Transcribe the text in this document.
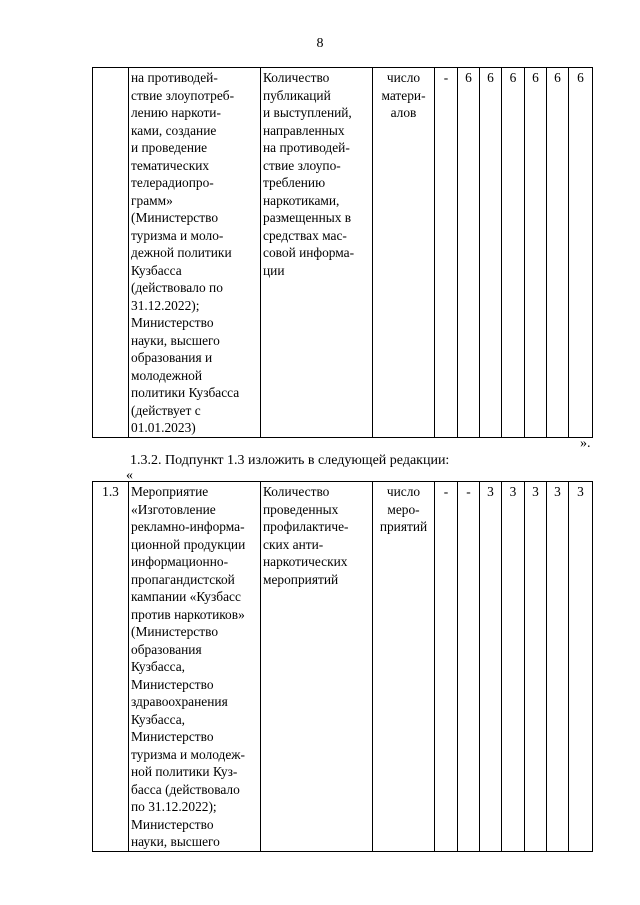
8
	на противодей-
ствие злоупотреб-
лению наркоти-
ками, создание
и проведение
тематических
телерадиопро-
грамм»
(Министерство
туризма и моло-
дежной политики
Кузбасса
(действовало по
31.12.2022);
Министерство
науки, высшего
образования и
молодежной
политики Кузбасса
(действует с
01.01.2023)	Количество
публикаций
и выступлений,
направленных
на противодей-
ствие злоупо-
треблению
наркотиками,
размещенных в
средствах мас-
совой информа-
ции	число
матери-
алов	-	6	6	6	6	6	6
».
1.3.2. Подпункт 1.3 изложить в следующей редакции:
«
1.3	Мероприятие
«Изготовление
рекламно-информа-
ционной продукции
информационно-
пропагандистской
кампании «Кузбасс
против наркотиков»
(Министерство
образования
Кузбасса,
Министерство
здравоохранения
Кузбасса,
Министерство
туризма и молодеж-
ной политики Куз-
басса (действовало
по 31.12.2022);
Министерство
науки, высшего	Количество
проведенных
профилактиче-
ских анти-
наркотических
мероприятий	число
меро-
приятий	-	-	3	3	3	3	3
